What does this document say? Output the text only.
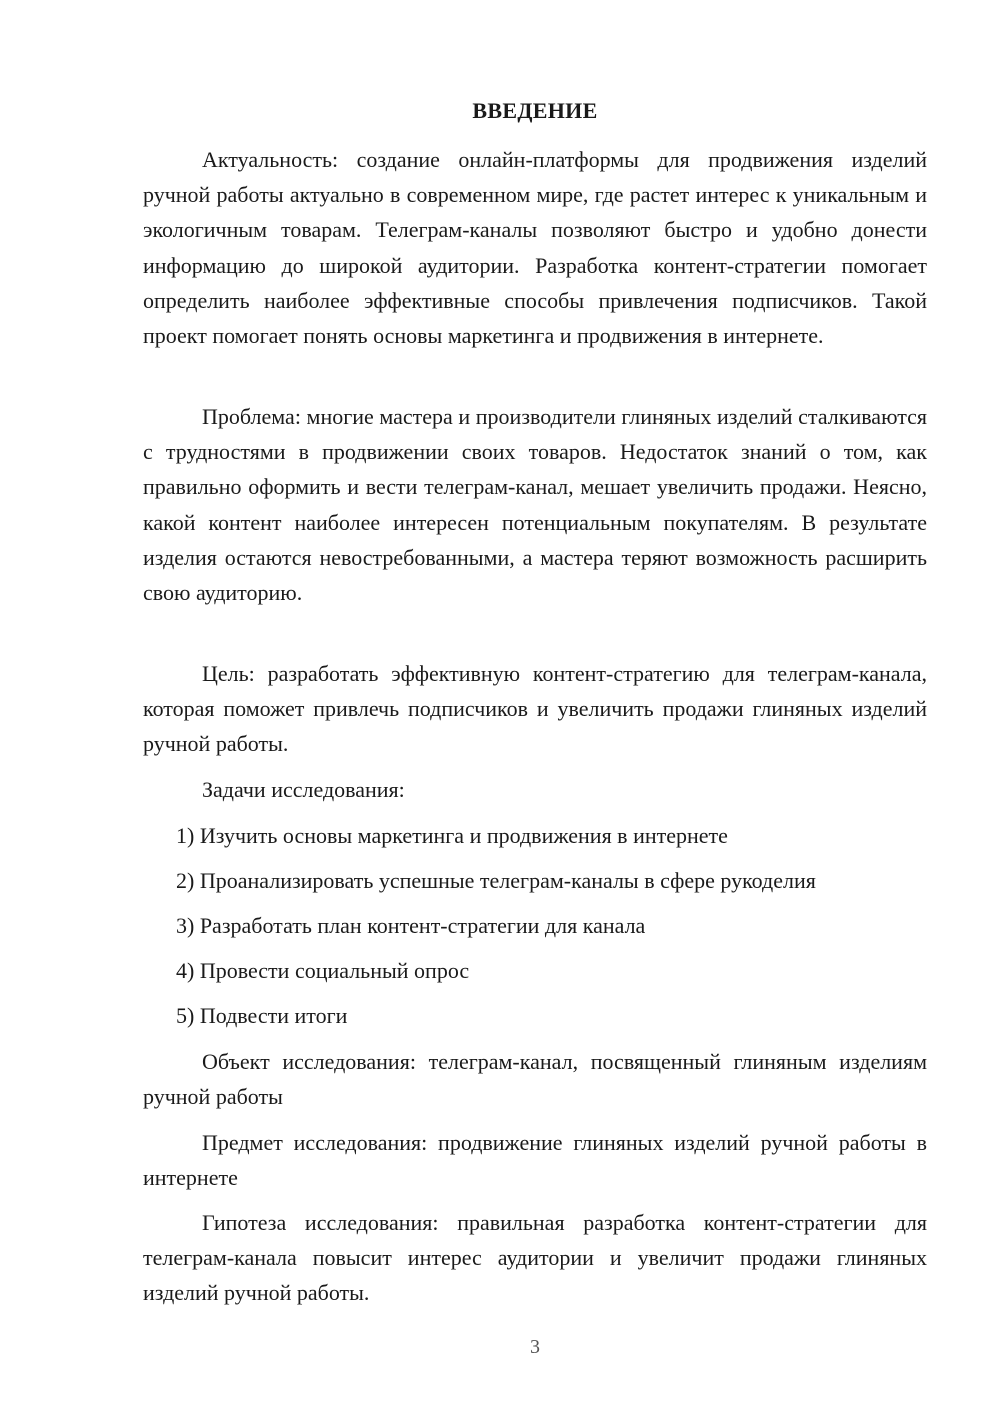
ВВЕДЕНИЕ

Актуальность: создание онлайн-платформы для продвижения изделий ручной работы актуально в современном мире, где растет интерес к уникальным и экологичным товарам. Телеграм-каналы позволяют быстро и удобно донести информацию до широкой аудитории. Разработка контент-стратегии помогает определить наиболее эффективные способы привлечения подписчиков. Такой проект помогает понять основы маркетинга и продвижения в интернете.

Проблема: многие мастера и производители глиняных изделий сталкиваются с трудностями в продвижении своих товаров. Недостаток знаний о том, как правильно оформить и вести телеграм-канал, мешает увеличить продажи. Неясно, какой контент наиболее интересен потенциальным покупателям. В результате изделия остаются невостребованными, а мастера теряют возможность расширить свою аудиторию.

Цель: разработать эффективную контент-стратегию для телеграм-канала, которая поможет привлечь подписчиков и увеличить продажи глиняных изделий ручной работы.

Задачи исследования:

1) Изучить основы маркетинга и продвижения в интернете

2) Проанализировать успешные телеграм-каналы в сфере рукоделия

3) Разработать план контент-стратегии для канала

4) Провести социальный опрос

5) Подвести итоги

Объект исследования: телеграм-канал, посвященный глиняным изделиям ручной работы

Предмет исследования: продвижение глиняных изделий ручной работы в интернете

Гипотеза исследования: правильная разработка контент-стратегии для телеграм-канала повысит интерес аудитории и увеличит продажи глиняных изделий ручной работы.

3
